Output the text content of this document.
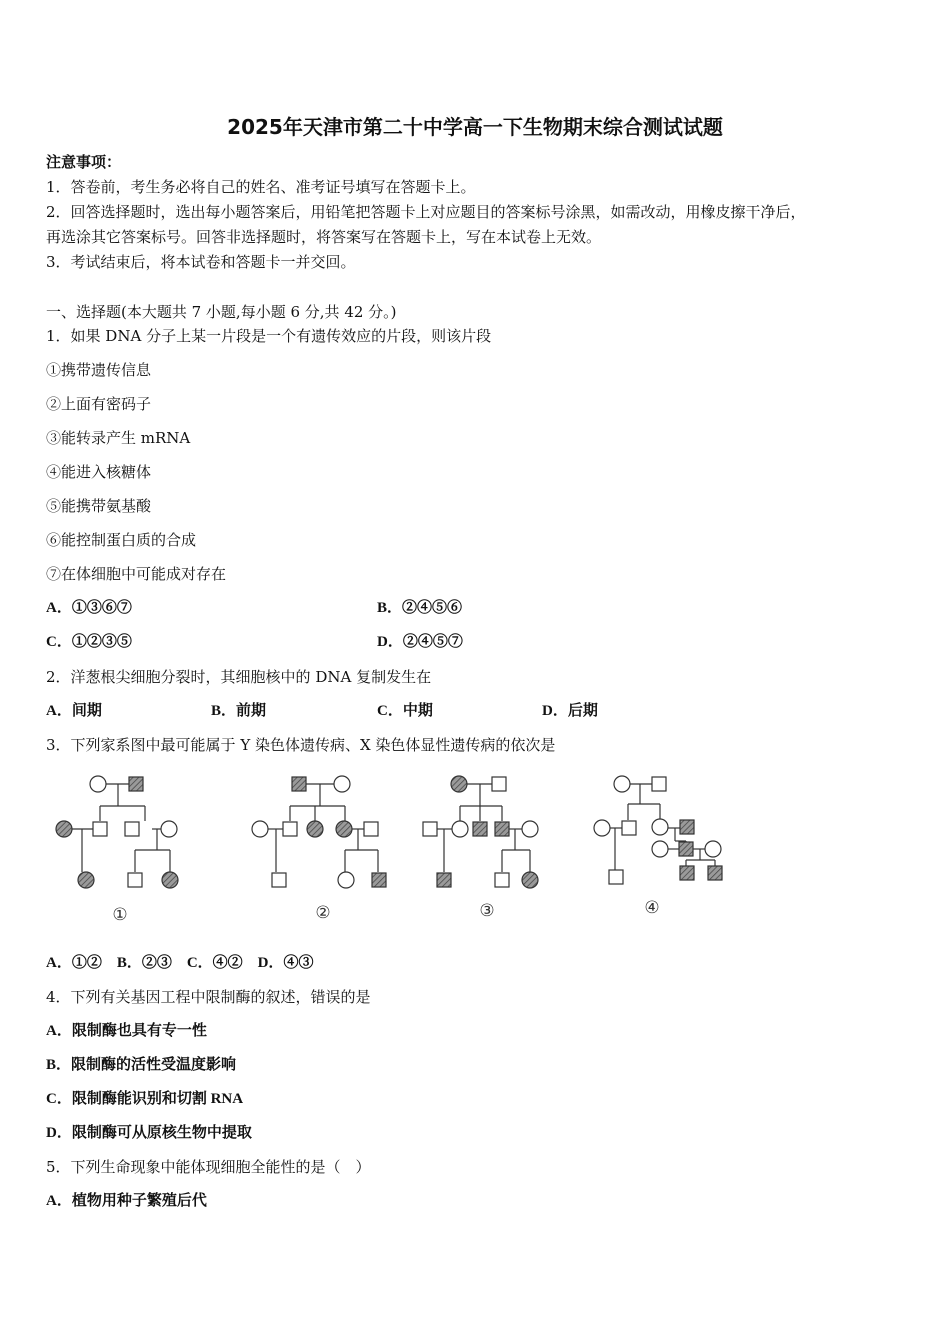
2025年天津市第二十中学高一下生物期末综合测试试题
注意事项：
1．答卷前，考生务必将自己的姓名、准考证号填写在答题卡上。
2．回答选择题时，选出每小题答案后，用铅笔把答题卡上对应题目的答案标号涂黑，如需改动，用橡皮擦干净后，
再选涂其它答案标号。回答非选择题时，将答案写在答题卡上，写在本试卷上无效。
3．考试结束后，将本试卷和答题卡一并交回。
一、选择题(本大题共 7 小题,每小题 6 分,共 42 分。)
1．如果 DNA 分子上某一片段是一个有遗传效应的片段，则该片段
①携带遗传信息
②上面有密码子
③能转录产生 mRNA
④能进入核糖体
⑤能携带氨基酸
⑥能控制蛋白质的合成
⑦在体细胞中可能成对存在
A．①③⑥⑦	B．②④⑤⑥
C．①②③⑤	D．②④⑤⑦
2．洋葱根尖细胞分裂时，其细胞核中的 DNA 复制发生在
A．间期	B．前期	C．中期	D．后期
3．下列家系图中最可能属于 Y 染色体遗传病、X 染色体显性遗传病的依次是
①	②	③	④
A．①②　B．②③　C．④②　D．④③
4．下列有关基因工程中限制酶的叙述，错误的是
A．限制酶也具有专一性
B．限制酶的活性受温度影响
C．限制酶能识别和切割 RNA
D．限制酶可从原核生物中提取
5．下列生命现象中能体现细胞全能性的是（　）
A．植物用种子繁殖后代
